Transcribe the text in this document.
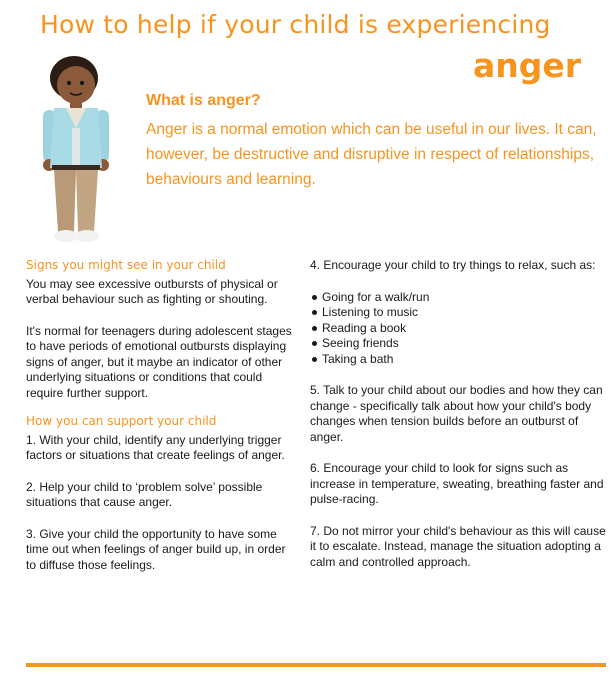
How to help if your child is experiencing
anger
What is anger?
Anger is a normal emotion which can be useful in our lives. It can, however, be destructive and disruptive in respect of relationships, behaviours and learning.
Signs you might see in your child

You may see excessive outbursts of physical or verbal behaviour such as fighting or shouting.

It's normal for teenagers during adolescent stages to have periods of emotional outbursts displaying signs of anger, but it maybe an indicator of other underlying situations or conditions that could require further support.

How you can support your child

1. With your child, identify any underlying trigger factors or situations that create feelings of anger.

2. Help your child to ‘problem solve’ possible situations that cause anger.

3. Give your child the opportunity to have some time out when feelings of anger build up, in order to diffuse those feelings.

4. Encourage your child to try things to relax, such as:

Going for a walk/run
Listening to music
Reading a book
Seeing friends
Taking a bath

5. Talk to your child about our bodies and how they can change - specifically talk about how your child's body changes when tension builds before an outburst of anger.

6. Encourage your child to look for signs such as increase in temperature, sweating, breathing faster and pulse-racing.

7. Do not mirror your child's behaviour as this will cause it to escalate. Instead, manage the situation adopting a calm and controlled approach.
